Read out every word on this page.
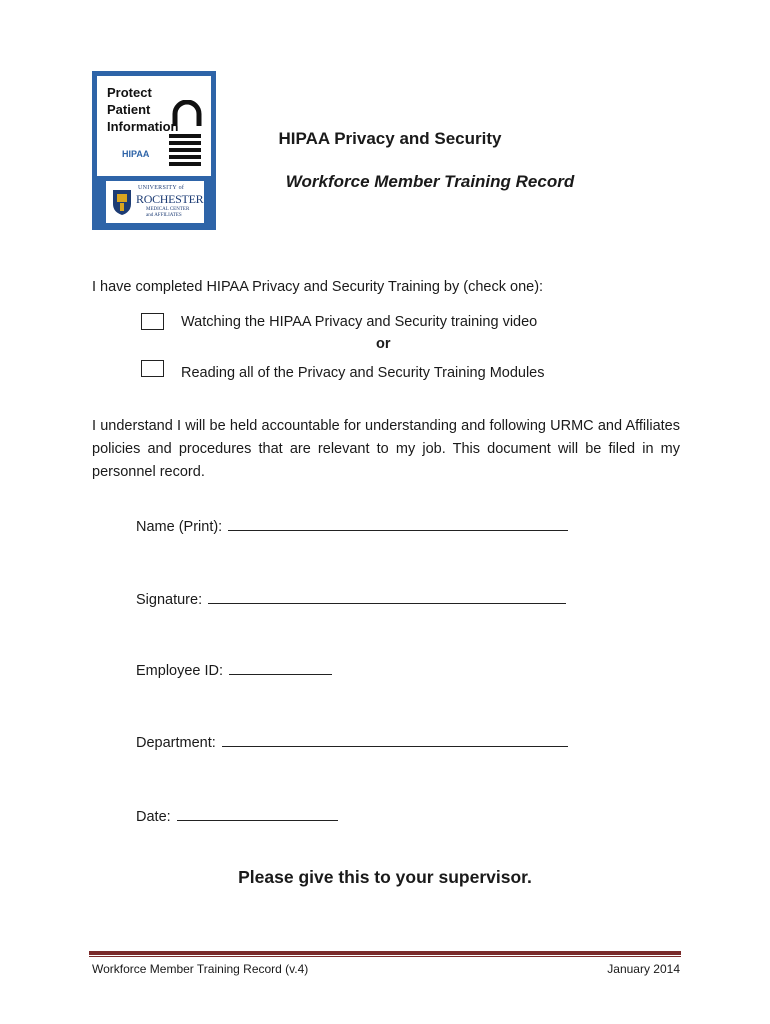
Protect
Patient
Information
HIPAA
UNIVERSITY of
ROCHESTER
MEDICAL CENTER
and AFFILIATES
HIPAA Privacy and Security
Workforce Member Training Record
I have completed HIPAA Privacy and Security Training by (check one):
Watching the HIPAA Privacy and Security training video
or
Reading all of the Privacy and Security Training Modules
I understand I will be held accountable for understanding and following URMC and Affiliates policies and procedures that are relevant to my job. This document will be filed in my personnel record.
Name (Print):
Signature:
Employee ID:
Department:
Date:
Please give this to your supervisor.
Workforce Member Training Record (v.4)	January 2014
